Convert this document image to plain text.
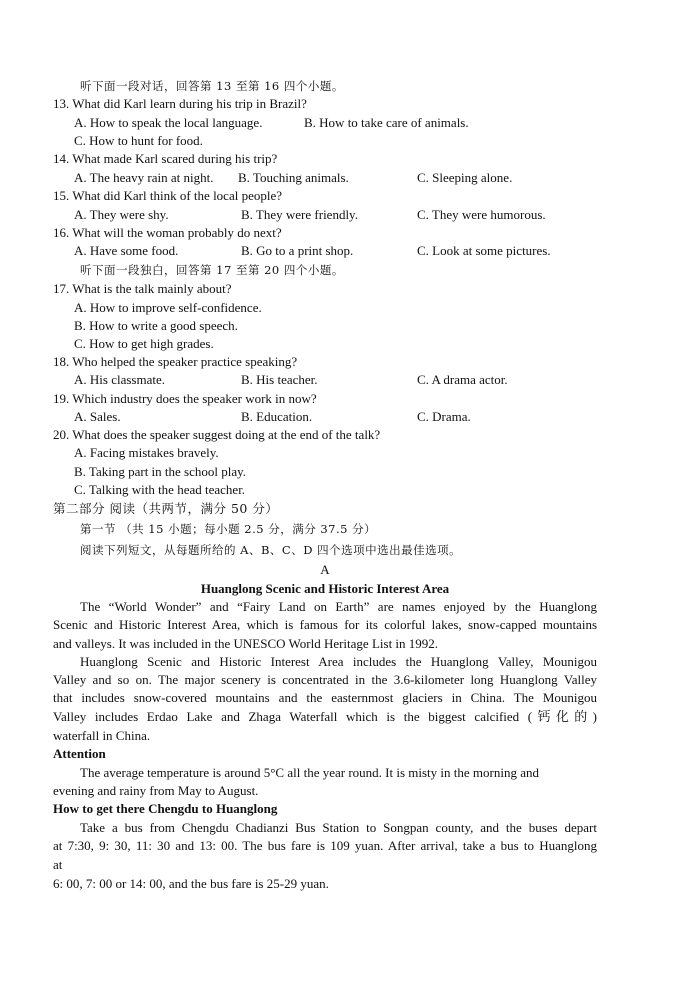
听下面一段对话，回答第 13 至第 16 四个小题。
13. What did Karl learn during his trip in Brazil?
A. How to speak the local language.	B. How to take care of animals.
C. How to hunt for food.
14. What made Karl scared during his trip?
A. The heavy rain at night. B. Touching animals.	C. Sleeping alone.
15. What did Karl think of the local people?
A. They were shy.	B. They were friendly.	C. They were humorous.
16. What will the woman probably do next?
A. Have some food.	B. Go to a print shop.	C. Look at some pictures.
听下面一段独白，回答第 17 至第 20 四个小题。
17. What is the talk mainly about?
A. How to improve self-confidence.
B. How to write a good speech.
C. How to get high grades.
18. Who helped the speaker practice speaking?
A. His classmate.	B. His teacher.	C. A drama actor.
19. Which industry does the speaker work in now?
A. Sales.	B. Education.	C. Drama.
20. What does the speaker suggest doing at the end of the talk?
A. Facing mistakes bravely.
B. Taking part in the school play.
C. Talking with the head teacher.
第二部分 阅读（共两节，满分 50 分）
第一节 （共 15 小题；每小题 2.5 分，满分 37.5 分）
阅读下列短文，从每题所给的 A、B、C、D 四个选项中选出最佳选项。
A
Huanglong Scenic and Historic Interest Area
The “World Wonder” and “Fairy Land on Earth” are names enjoyed by the Huanglong
Scenic and Historic Interest Area, which is famous for its colorful lakes, snow-capped mountains
and valleys. It was included in the UNESCO World Heritage List in 1992.
Huanglong Scenic and Historic Interest Area includes the Huanglong Valley, Mounigou
Valley and so on. The major scenery is concentrated in the 3.6-kilometer long Huanglong Valley
that includes snow-covered mountains and the easternmost glaciers in China. The Mounigou
Valley includes Erdao Lake and Zhaga Waterfall which is the biggest calcified (钙化的)
waterfall in China.
Attention
The average temperature is around 5°C all the year round. It is misty in the morning and
evening and rainy from May to August.
How to get there Chengdu to Huanglong
Take a bus from Chengdu Chadianzi Bus Station to Songpan county, and the buses depart
at 7:30, 9: 30, 11: 30 and 13: 00. The bus fare is 109 yuan. After arrival, take a bus to Huanglong
at
6: 00, 7: 00 or 14: 00, and the bus fare is 25-29 yuan.
